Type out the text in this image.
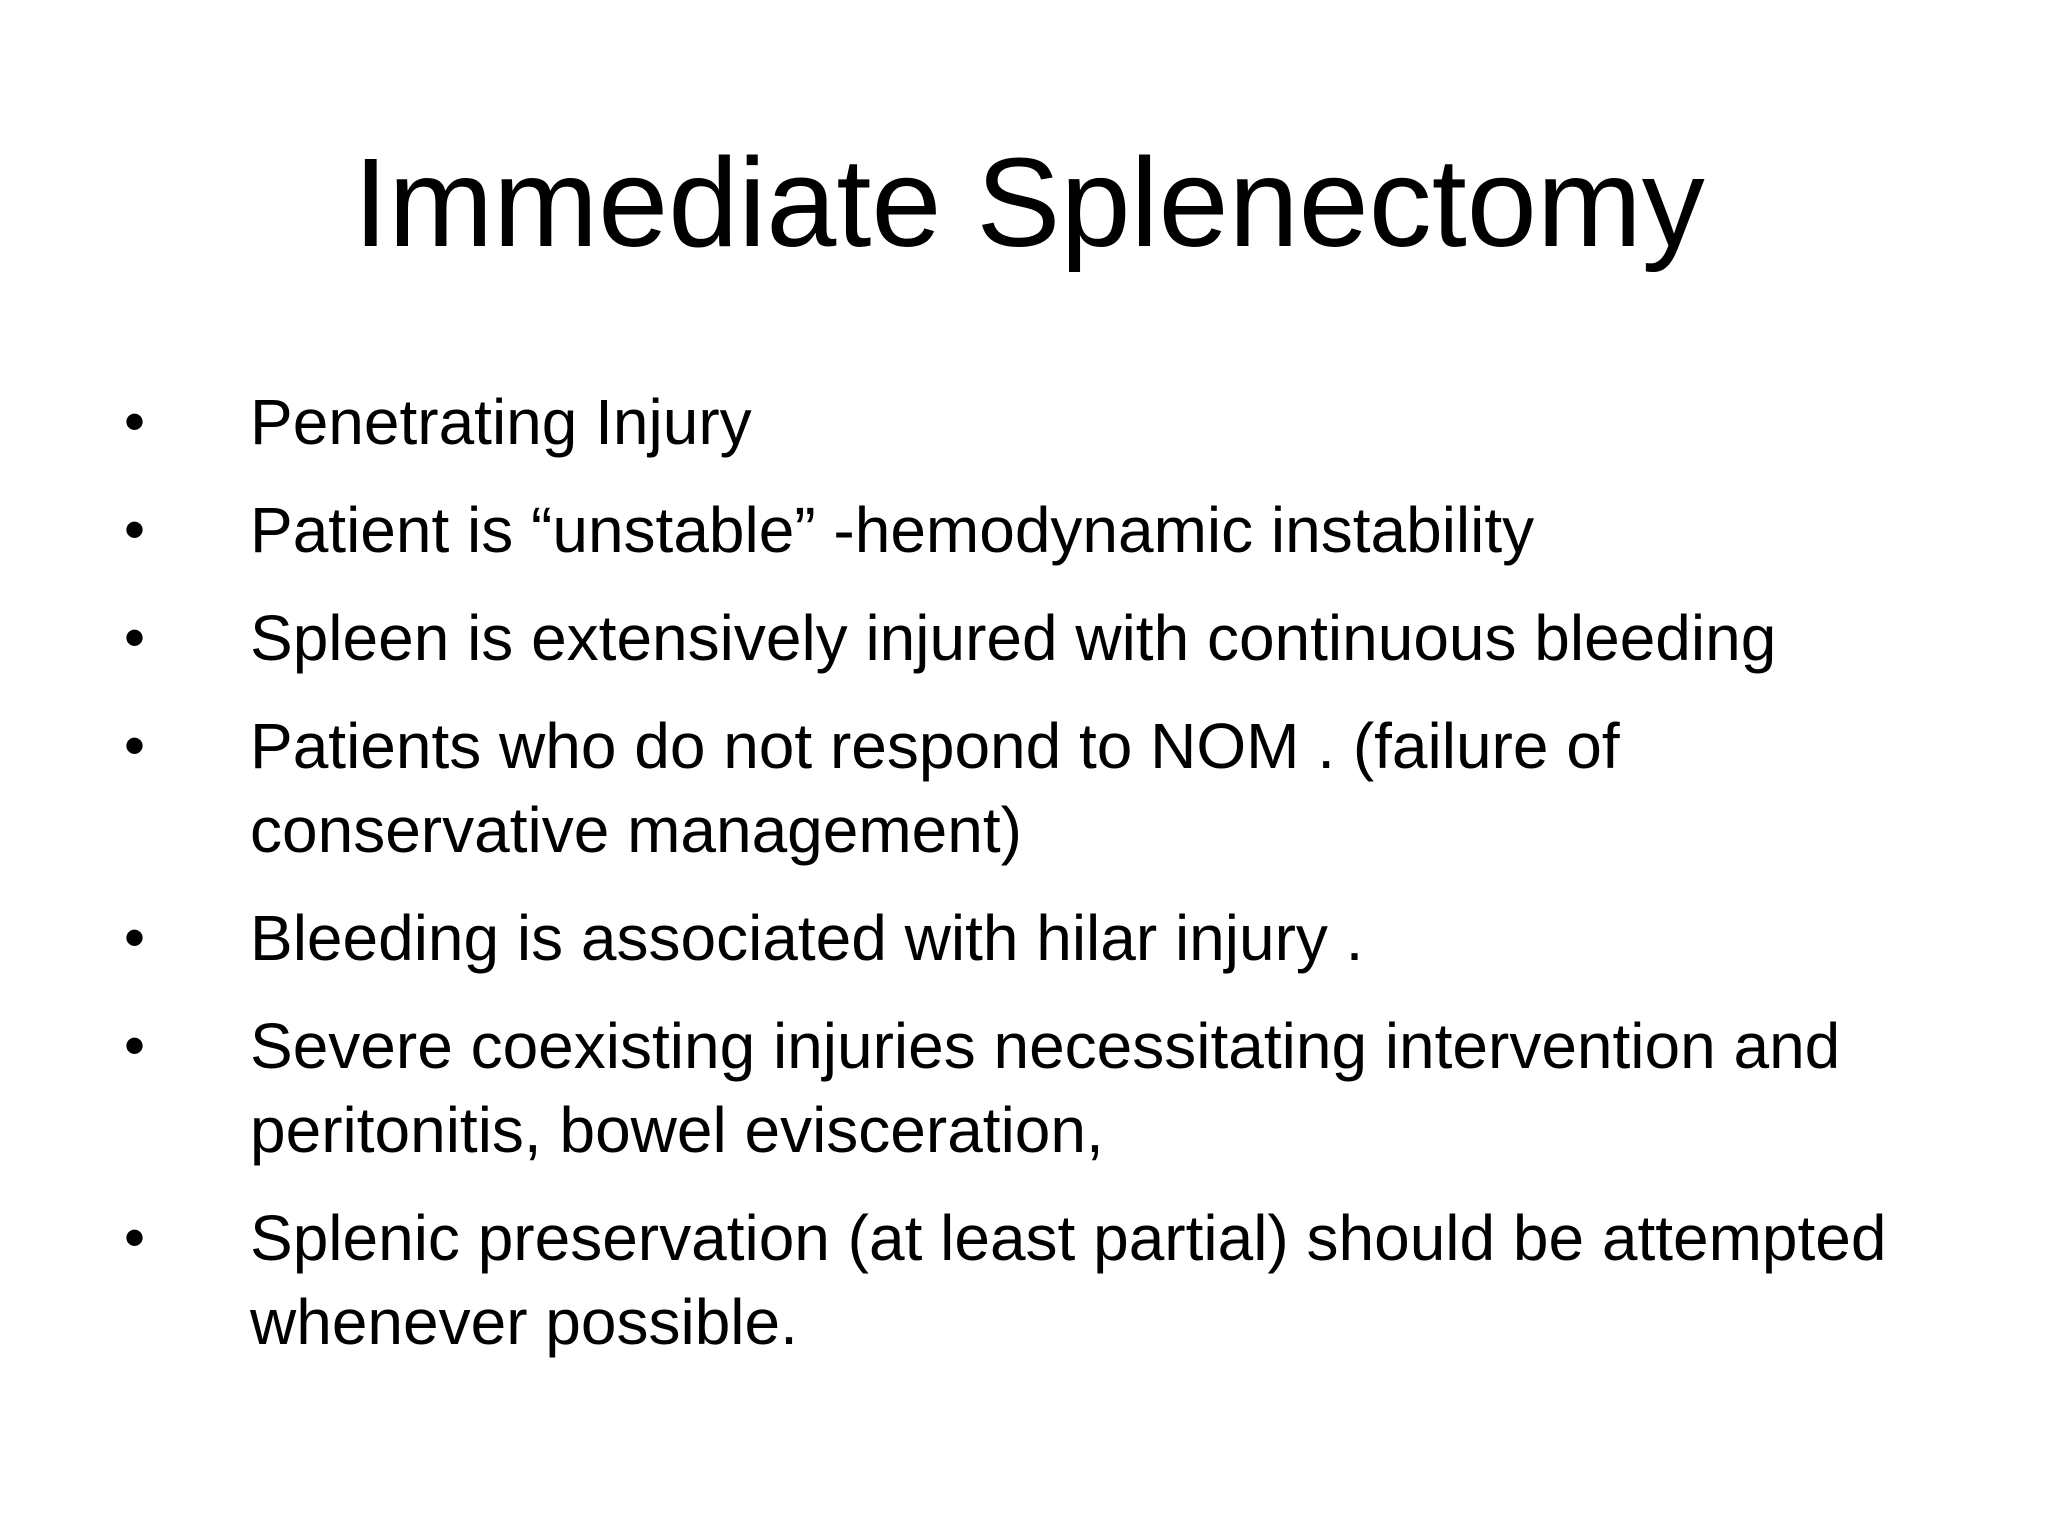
Immediate Splenectomy
• Penetrating Injury
• Patient is “unstable” -hemodynamic instability
• Spleen is extensively injured with continuous bleeding
• Patients who do not respond to NOM . (failure of conservative management)
• Bleeding is associated with hilar injury .
• Severe coexisting injuries necessitating intervention and peritonitis, bowel evisceration,
• Splenic preservation (at least partial) should be attempted whenever possible.
